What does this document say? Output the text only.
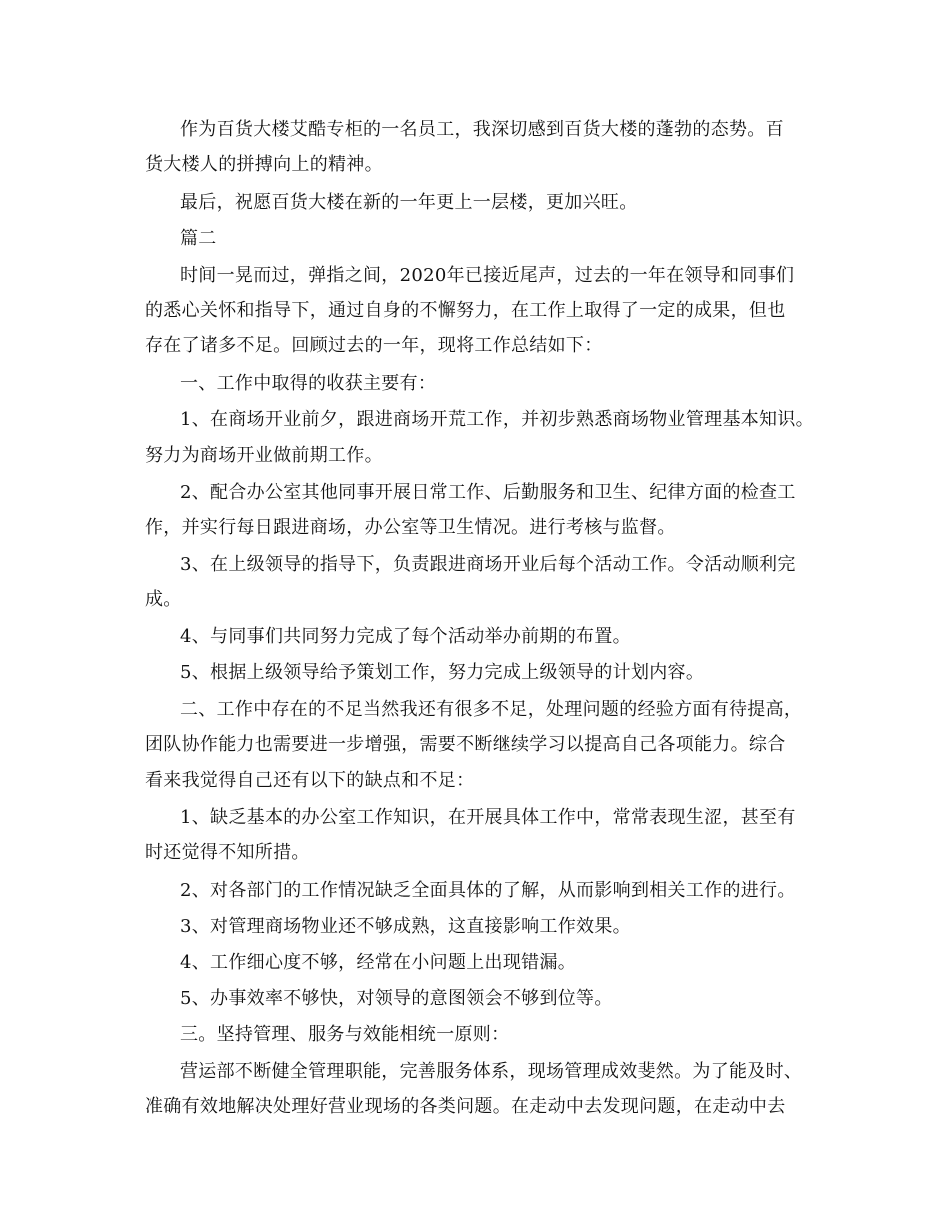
作为百货大楼艾酷专柜的一名员工，我深切感到百货大楼的蓬勃的态势。百
货大楼人的拼搏向上的精神。
最后，祝愿百货大楼在新的一年更上一层楼，更加兴旺。
篇二
时间一晃而过，弹指之间，2020年已接近尾声，过去的一年在领导和同事们
的悉心关怀和指导下，通过自身的不懈努力，在工作上取得了一定的成果，但也
存在了诸多不足。回顾过去的一年，现将工作总结如下：
一、工作中取得的收获主要有：
1、在商场开业前夕，跟进商场开荒工作，并初步熟悉商场物业管理基本知识。
努力为商场开业做前期工作。
2、配合办公室其他同事开展日常工作、后勤服务和卫生、纪律方面的检查工
作，并实行每日跟进商场，办公室等卫生情况。进行考核与监督。
3、在上级领导的指导下，负责跟进商场开业后每个活动工作。令活动顺利完
成。
4、与同事们共同努力完成了每个活动举办前期的布置。
5、根据上级领导给予策划工作，努力完成上级领导的计划内容。
二、工作中存在的不足当然我还有很多不足，处理问题的经验方面有待提高，
团队协作能力也需要进一步增强，需要不断继续学习以提高自己各项能力。综合
看来我觉得自己还有以下的缺点和不足：
1、缺乏基本的办公室工作知识，在开展具体工作中，常常表现生涩，甚至有
时还觉得不知所措。
2、对各部门的工作情况缺乏全面具体的了解，从而影响到相关工作的进行。
3、对管理商场物业还不够成熟，这直接影响工作效果。
4、工作细心度不够，经常在小问题上出现错漏。
5、办事效率不够快，对领导的意图领会不够到位等。
三。坚持管理、服务与效能相统一原则：
营运部不断健全管理职能，完善服务体系，现场管理成效斐然。为了能及时、
准确有效地解决处理好营业现场的各类问题。在走动中去发现问题，在走动中去
